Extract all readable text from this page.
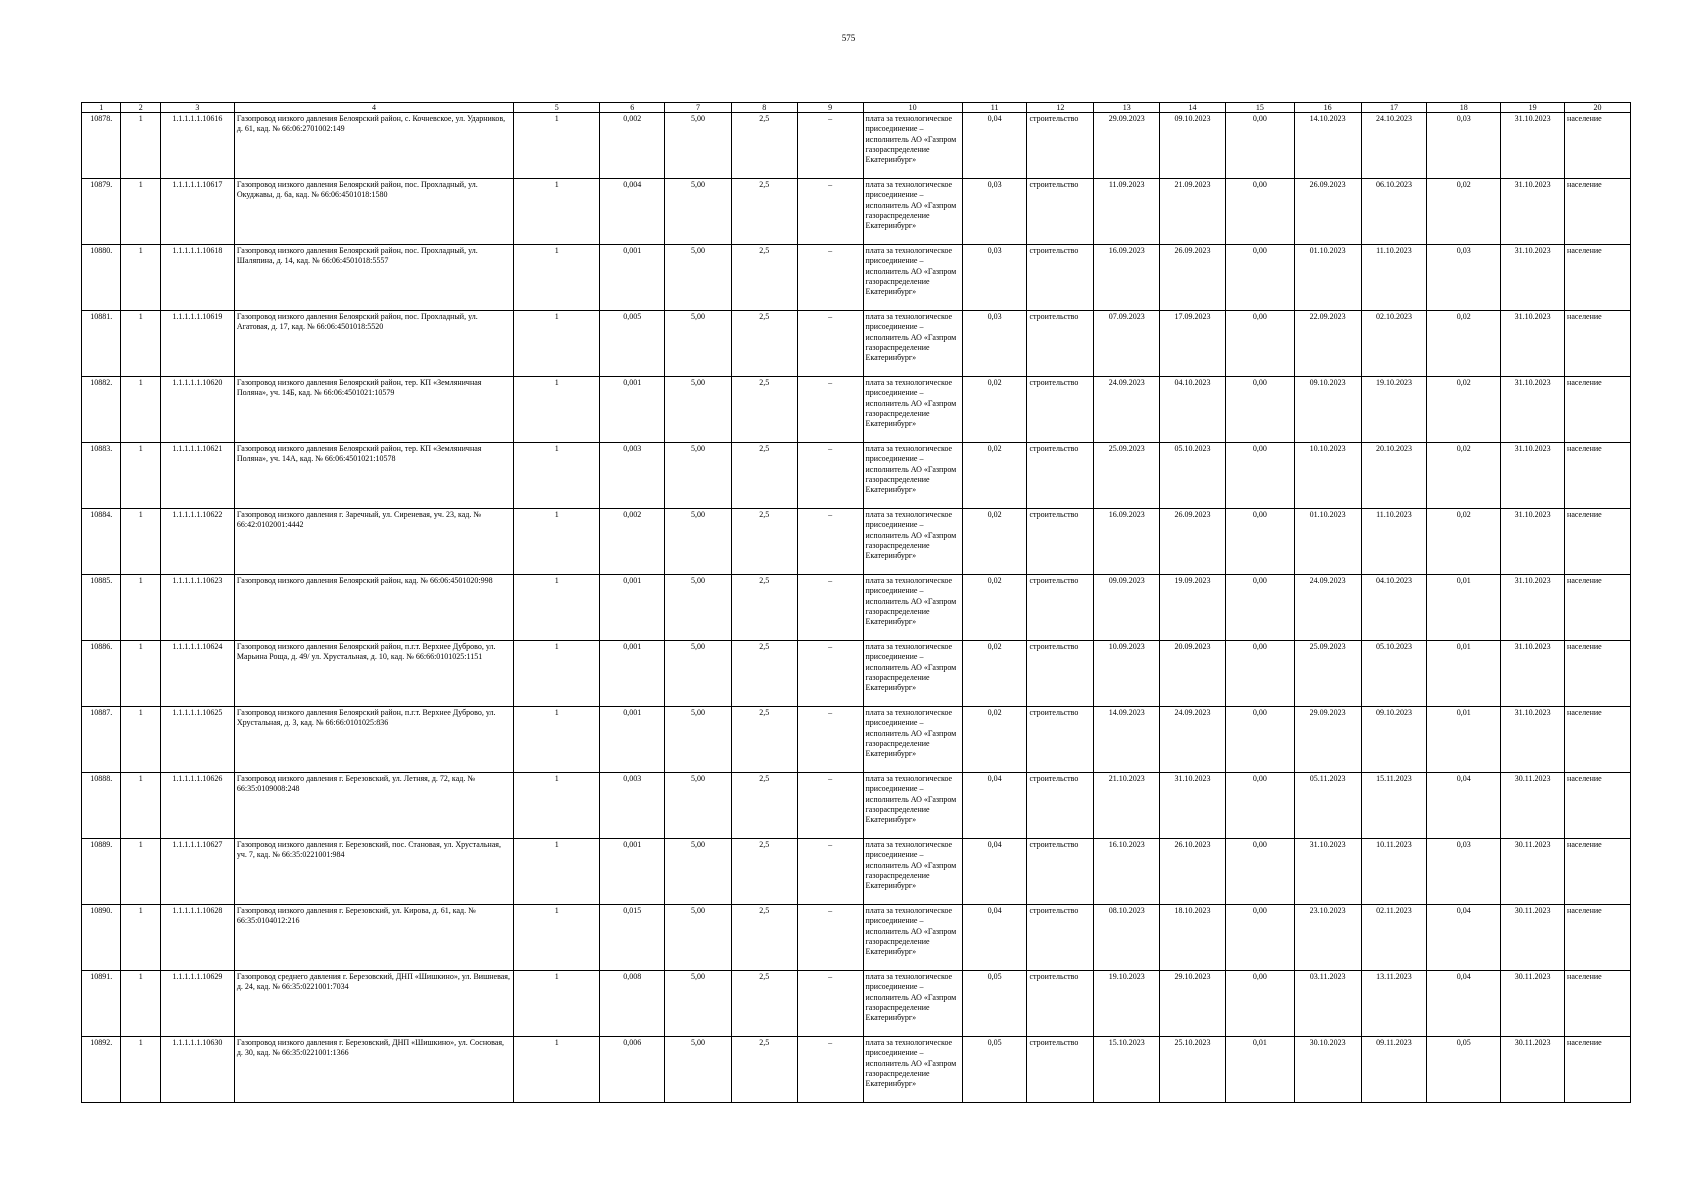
575
1	2	3	4	5	6	7	8	9	10	11	12	13	14	15	16	17	18	19	20
10878.	1	1.1.1.1.1.10616	Газопровод низкого давления Белоярский район, с. Кочневское, ул. Ударников, д. 61, кад. № 66:06:2701002:149	1	0,002	5,00	2,5	–	плата за технологическое присоединение – исполнитель АО «Газпром газораспределение Екатеринбург»	0,04	строительство	29.09.2023	09.10.2023	0,00	14.10.2023	24.10.2023	0,03	31.10.2023	население
10879.	1	1.1.1.1.1.10617	Газопровод низкого давления Белоярский район, пос. Прохладный, ул. Окуджавы, д. 6а, кад. № 66:06:4501018:1580	1	0,004	5,00	2,5	–	плата за технологическое присоединение – исполнитель АО «Газпром газораспределение Екатеринбург»	0,03	строительство	11.09.2023	21.09.2023	0,00	26.09.2023	06.10.2023	0,02	31.10.2023	население
10880.	1	1.1.1.1.1.10618	Газопровод низкого давления Белоярский район, пос. Прохладный, ул. Шаляпина, д. 14, кад. № 66:06:4501018:5557	1	0,001	5,00	2,5	–	плата за технологическое присоединение – исполнитель АО «Газпром газораспределение Екатеринбург»	0,03	строительство	16.09.2023	26.09.2023	0,00	01.10.2023	11.10.2023	0,03	31.10.2023	население
10881.	1	1.1.1.1.1.10619	Газопровод низкого давления Белоярский район, пос. Прохладный, ул. Агатовая, д. 17, кад. № 66:06:4501018:5520	1	0,005	5,00	2,5	–	плата за технологическое присоединение – исполнитель АО «Газпром газораспределение Екатеринбург»	0,03	строительство	07.09.2023	17.09.2023	0,00	22.09.2023	02.10.2023	0,02	31.10.2023	население
10882.	1	1.1.1.1.1.10620	Газопровод низкого давления Белоярский район, тер. КП «Земляничная Поляна», уч. 14Б, кад. № 66:06:4501021:10579	1	0,001	5,00	2,5	–	плата за технологическое присоединение – исполнитель АО «Газпром газораспределение Екатеринбург»	0,02	строительство	24.09.2023	04.10.2023	0,00	09.10.2023	19.10.2023	0,02	31.10.2023	население
10883.	1	1.1.1.1.1.10621	Газопровод низкого давления Белоярский район, тер. КП «Земляничная Поляна», уч. 14А, кад. № 66:06:4501021:10578	1	0,003	5,00	2,5	–	плата за технологическое присоединение – исполнитель АО «Газпром газораспределение Екатеринбург»	0,02	строительство	25.09.2023	05.10.2023	0,00	10.10.2023	20.10.2023	0,02	31.10.2023	население
10884.	1	1.1.1.1.1.10622	Газопровод низкого давления г. Заречный, ул. Сиреневая, уч. 23, кад. № 66:42:0102001:4442	1	0,002	5,00	2,5	–	плата за технологическое присоединение – исполнитель АО «Газпром газораспределение Екатеринбург»	0,02	строительство	16.09.2023	26.09.2023	0,00	01.10.2023	11.10.2023	0,02	31.10.2023	население
10885.	1	1.1.1.1.1.10623	Газопровод низкого давления Белоярский район, кад. № 66:06:4501020:998	1	0,001	5,00	2,5	–	плата за технологическое присоединение – исполнитель АО «Газпром газораспределение Екатеринбург»	0,02	строительство	09.09.2023	19.09.2023	0,00	24.09.2023	04.10.2023	0,01	31.10.2023	население
10886.	1	1.1.1.1.1.10624	Газопровод низкого давления Белоярский район, п.г.т. Верхнее Дуброво, ул. Марьина Роща, д. 49/ ул. Хрустальная, д. 10, кад. № 66:66:0101025:1151	1	0,001	5,00	2,5	–	плата за технологическое присоединение – исполнитель АО «Газпром газораспределение Екатеринбург»	0,02	строительство	10.09.2023	20.09.2023	0,00	25.09.2023	05.10.2023	0,01	31.10.2023	население
10887.	1	1.1.1.1.1.10625	Газопровод низкого давления Белоярский район, п.г.т. Верхнее Дуброво, ул. Хрустальная, д. 3, кад. № 66:66:0101025:836	1	0,001	5,00	2,5	–	плата за технологическое присоединение – исполнитель АО «Газпром газораспределение Екатеринбург»	0,02	строительство	14.09.2023	24.09.2023	0,00	29.09.2023	09.10.2023	0,01	31.10.2023	население
10888.	1	1.1.1.1.1.10626	Газопровод низкого давления г. Березовский, ул. Летняя, д. 72, кад. № 66:35:0109008:248	1	0,003	5,00	2,5	–	плата за технологическое присоединение – исполнитель АО «Газпром газораспределение Екатеринбург»	0,04	строительство	21.10.2023	31.10.2023	0,00	05.11.2023	15.11.2023	0,04	30.11.2023	население
10889.	1	1.1.1.1.1.10627	Газопровод низкого давления г. Березовский, пос. Становая, ул. Хрустальная, уч. 7, кад. № 66:35:0221001:984	1	0,001	5,00	2,5	–	плата за технологическое присоединение – исполнитель АО «Газпром газораспределение Екатеринбург»	0,04	строительство	16.10.2023	26.10.2023	0,00	31.10.2023	10.11.2023	0,03	30.11.2023	население
10890.	1	1.1.1.1.1.10628	Газопровод низкого давления г. Березовский, ул. Кирова, д. 61, кад. № 66:35:0104012:216	1	0,015	5,00	2,5	–	плата за технологическое присоединение – исполнитель АО «Газпром газораспределение Екатеринбург»	0,04	строительство	08.10.2023	18.10.2023	0,00	23.10.2023	02.11.2023	0,04	30.11.2023	население
10891.	1	1.1.1.1.1.10629	Газопровод среднего давления г. Березовский, ДНП «Шишкино», ул. Вишневая, д. 24, кад. № 66:35:0221001:7034	1	0,008	5,00	2,5	–	плата за технологическое присоединение – исполнитель АО «Газпром газораспределение Екатеринбург»	0,05	строительство	19.10.2023	29.10.2023	0,00	03.11.2023	13.11.2023	0,04	30.11.2023	население
10892.	1	1.1.1.1.1.10630	Газопровод низкого давления г. Березовский, ДНП «Шишкино», ул. Сосновая, д. 30, кад. № 66:35:0221001:1366	1	0,006	5,00	2,5	–	плата за технологическое присоединение – исполнитель АО «Газпром газораспределение Екатеринбург»	0,05	строительство	15.10.2023	25.10.2023	0,01	30.10.2023	09.11.2023	0,05	30.11.2023	население
